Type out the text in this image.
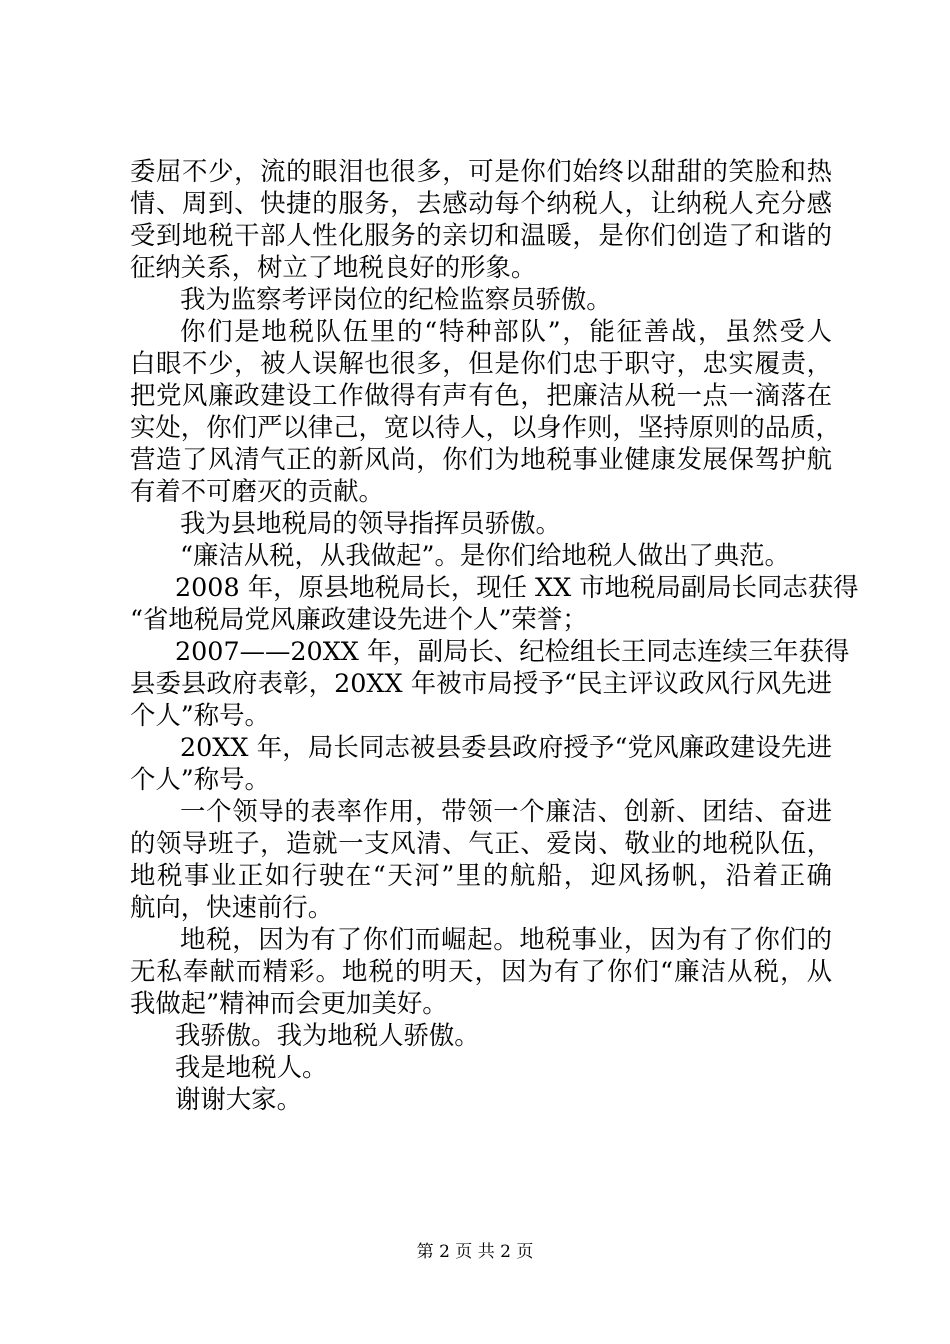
委屈不少，流的眼泪也很多，可是你们始终以甜甜的笑脸和热
情、周到、快捷的服务，去感动每个纳税人，让纳税人充分感
受到地税干部人性化服务的亲切和温暖，是你们创造了和谐的
征纳关系，树立了地税良好的形象。

我为监察考评岗位的纪检监察员骄傲。

你们是地税队伍里的“特种部队”，能征善战，虽然受人
白眼不少，被人误解也很多，但是你们忠于职守，忠实履责，
把党风廉政建设工作做得有声有色，把廉洁从税一点一滴落在
实处，你们严以律己，宽以待人，以身作则，坚持原则的品质，
营造了风清气正的新风尚，你们为地税事业健康发展保驾护航
有着不可磨灭的贡献。

我为县地税局的领导指挥员骄傲。

“廉洁从税，从我做起”。是你们给地税人做出了典范。

2008 年，原县地税局长，现任 XX 市地税局副局长同志获得
“省地税局党风廉政建设先进个人”荣誉；

2007——20XX 年，副局长、纪检组长王同志连续三年获得
县委县政府表彰，20XX 年被市局授予“民主评议政风行风先进
个人”称号。

20XX 年，局长同志被县委县政府授予“党风廉政建设先进
个人”称号。

一个领导的表率作用，带领一个廉洁、创新、团结、奋进
的领导班子，造就一支风清、气正、爱岗、敬业的地税队伍，
地税事业正如行驶在“天河”里的航船，迎风扬帆，沿着正确
航向，快速前行。

地税，因为有了你们而崛起。地税事业，因为有了你们的
无私奉献而精彩。地税的明天，因为有了你们“廉洁从税，从
我做起”精神而会更加美好。

我骄傲。我为地税人骄傲。

我是地税人。

谢谢大家。

第 2 页 共 2 页
